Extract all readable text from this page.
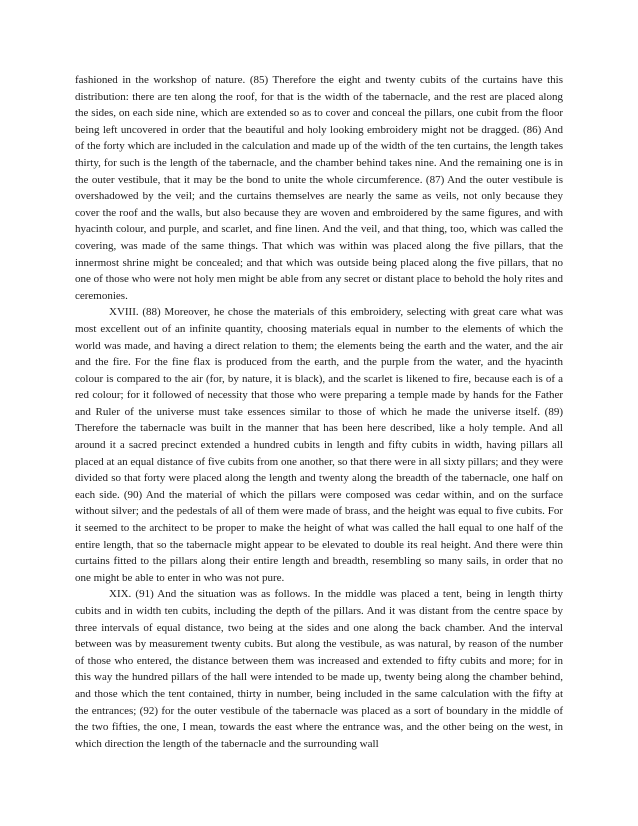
fashioned in the workshop of nature. (85) Therefore the eight and twenty cubits of the curtains have this distribution: there are ten along the roof, for that is the width of the tabernacle, and the rest are placed along the sides, on each side nine, which are extended so as to cover and conceal the pillars, one cubit from the floor being left uncovered in order that the beautiful and holy looking embroidery might not be dragged. (86) And of the forty which are included in the calculation and made up of the width of the ten curtains, the length takes thirty, for such is the length of the tabernacle, and the chamber behind takes nine. And the remaining one is in the outer vestibule, that it may be the bond to unite the whole circumference. (87) And the outer vestibule is overshadowed by the veil; and the curtains themselves are nearly the same as veils, not only because they cover the roof and the walls, but also because they are woven and embroidered by the same figures, and with hyacinth colour, and purple, and scarlet, and fine linen. And the veil, and that thing, too, which was called the covering, was made of the same things. That which was within was placed along the five pillars, that the innermost shrine might be concealed; and that which was outside being placed along the five pillars, that no one of those who were not holy men might be able from any secret or distant place to behold the holy rites and ceremonies.

XVIII. (88) Moreover, he chose the materials of this embroidery, selecting with great care what was most excellent out of an infinite quantity, choosing materials equal in number to the elements of which the world was made, and having a direct relation to them; the elements being the earth and the water, and the air and the fire. For the fine flax is produced from the earth, and the purple from the water, and the hyacinth colour is compared to the air (for, by nature, it is black), and the scarlet is likened to fire, because each is of a red colour; for it followed of necessity that those who were preparing a temple made by hands for the Father and Ruler of the universe must take essences similar to those of which he made the universe itself. (89) Therefore the tabernacle was built in the manner that has been here described, like a holy temple. And all around it a sacred precinct extended a hundred cubits in length and fifty cubits in width, having pillars all placed at an equal distance of five cubits from one another, so that there were in all sixty pillars; and they were divided so that forty were placed along the length and twenty along the breadth of the tabernacle, one half on each side. (90) And the material of which the pillars were composed was cedar within, and on the surface without silver; and the pedestals of all of them were made of brass, and the height was equal to five cubits. For it seemed to the architect to be proper to make the height of what was called the hall equal to one half of the entire length, that so the tabernacle might appear to be elevated to double its real height. And there were thin curtains fitted to the pillars along their entire length and breadth, resembling so many sails, in order that no one might be able to enter in who was not pure.

XIX. (91) And the situation was as follows. In the middle was placed a tent, being in length thirty cubits and in width ten cubits, including the depth of the pillars. And it was distant from the centre space by three intervals of equal distance, two being at the sides and one along the back chamber. And the interval between was by measurement twenty cubits. But along the vestibule, as was natural, by reason of the number of those who entered, the distance between them was increased and extended to fifty cubits and more; for in this way the hundred pillars of the hall were intended to be made up, twenty being along the chamber behind, and those which the tent contained, thirty in number, being included in the same calculation with the fifty at the entrances; (92) for the outer vestibule of the tabernacle was placed as a sort of boundary in the middle of the two fifties, the one, I mean, towards the east where the entrance was, and the other being on the west, in which direction the length of the tabernacle and the surrounding wall
